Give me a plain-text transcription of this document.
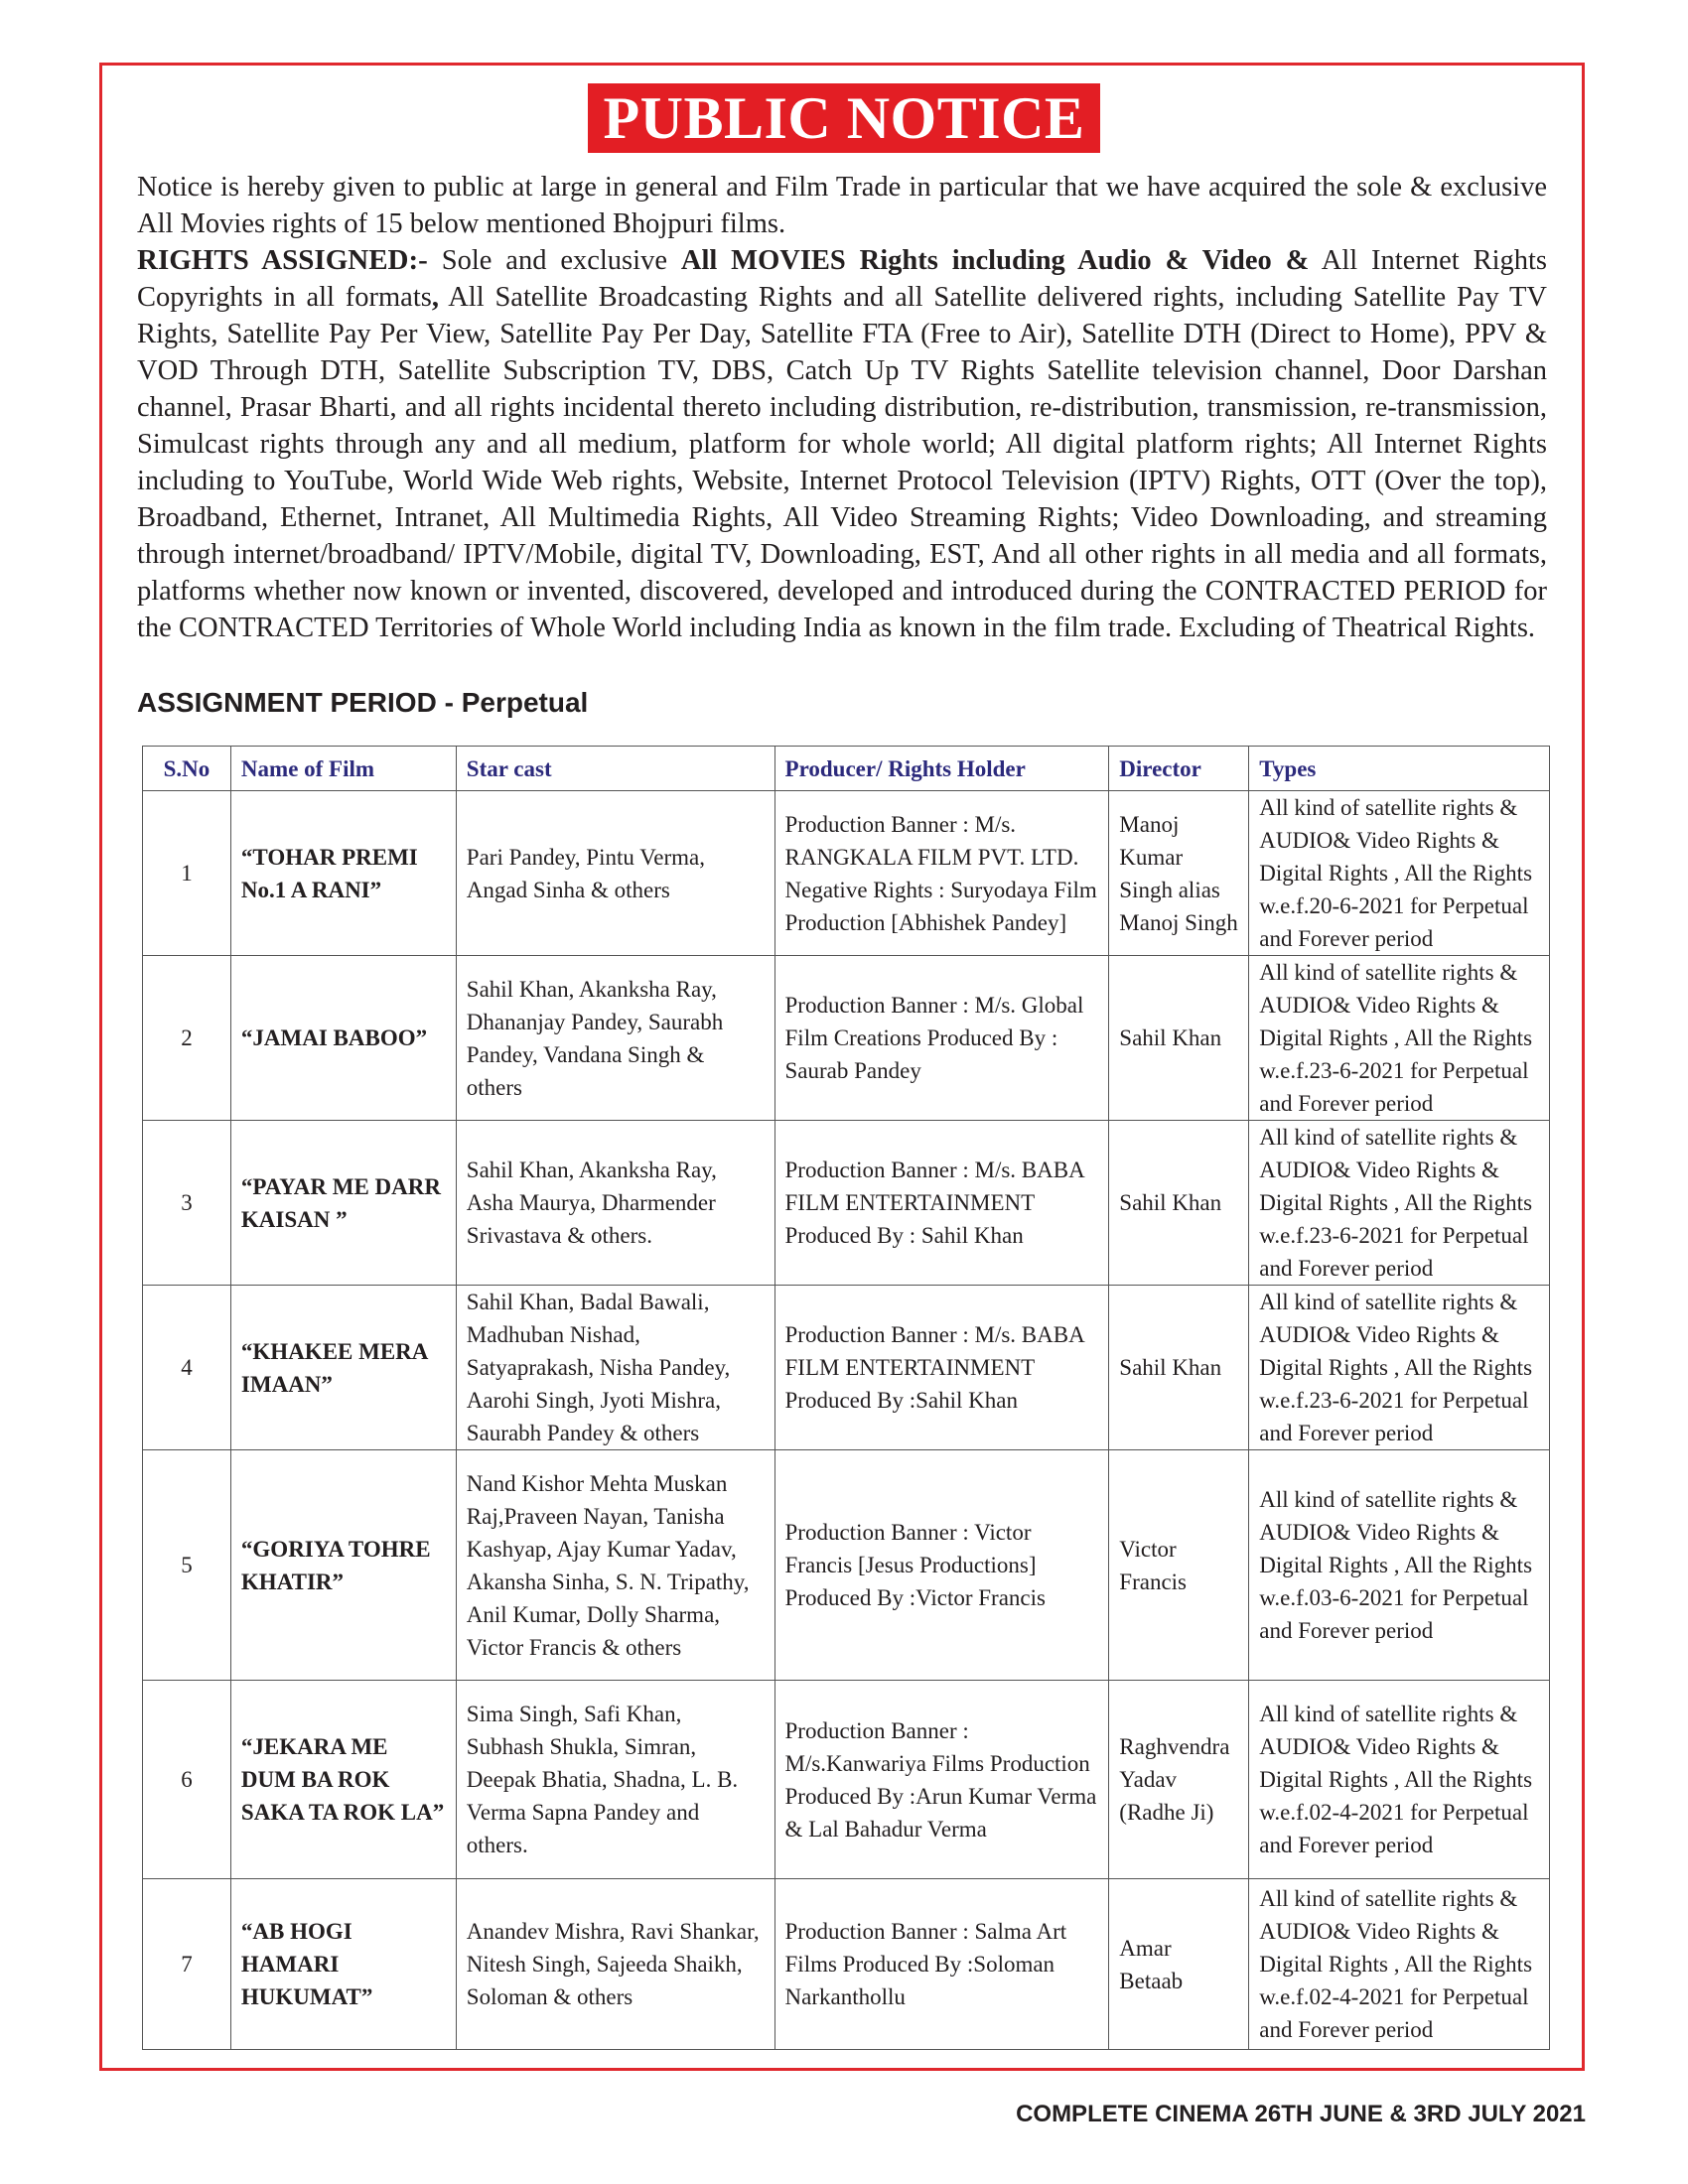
PUBLIC NOTICE

Notice is hereby given to public at large in general and Film Trade in particular that we have acquired the sole & exclusive All Movies rights of 15 below mentioned Bhojpuri films.

RIGHTS ASSIGNED:- Sole and exclusive All MOVIES Rights including Audio & Video & All Internet Rights Copyrights in all formats, All Satellite Broadcasting Rights and all Satellite delivered rights, including Satellite Pay TV Rights, Satellite Pay Per View, Satellite Pay Per Day, Satellite FTA (Free to Air), Satellite DTH (Direct to Home), PPV & VOD Through DTH, Satellite Subscription TV, DBS, Catch Up TV Rights Satellite television channel, Door Darshan channel, Prasar Bharti, and all rights incidental thereto including distribution, re-distribution, transmission, re-transmission, Simulcast rights through any and all medium, platform for whole world; All digital platform rights; All Internet Rights including to YouTube, World Wide Web rights, Website, Internet Protocol Television (IPTV) Rights, OTT (Over the top), Broadband, Ethernet, Intranet, All Multimedia Rights, All Video Streaming Rights; Video Downloading, and streaming through internet/broadband/ IPTV/Mobile, digital TV, Downloading, EST, And all other rights in all media and all formats, platforms whether now known or invented, discovered, developed and introduced during the CONTRACTED PERIOD for the CONTRACTED Territories of Whole World including India as known in the film trade. Excluding of Theatrical Rights.

ASSIGNMENT PERIOD - Perpetual
S.No	Name of Film	Star cast	Producer/ Rights Holder	Director	Types
1	“TOHAR PREMI No.1 A RANI”	Pari Pandey, Pintu Verma, Angad Sinha & others	Production Banner : M/s. RANGKALA FILM PVT. LTD. Negative Rights : Suryodaya Film Production [Abhishek Pandey]	Manoj Kumar Singh alias Manoj Singh	All kind of satellite rights & AUDIO& Video Rights & Digital Rights , All the Rights w.e.f.20-6-2021 for Perpetual and Forever period
2	“JAMAI BABOO”	Sahil Khan, Akanksha Ray, Dhananjay Pandey, Saurabh Pandey, Vandana Singh & others	Production Banner : M/s. Global Film Creations Produced By : Saurab Pandey	Sahil Khan	All kind of satellite rights & AUDIO& Video Rights & Digital Rights , All the Rights w.e.f.23-6-2021 for Perpetual and Forever period
3	“PAYAR ME DARR KAISAN ”	Sahil Khan, Akanksha Ray, Asha Maurya, Dharmender Srivastava & others.	Production Banner : M/s. BABA FILM ENTERTAINMENT Produced By : Sahil Khan	Sahil Khan	All kind of satellite rights & AUDIO& Video Rights & Digital Rights , All the Rights w.e.f.23-6-2021 for Perpetual and Forever period
4	“KHAKEE MERA IMAAN”	Sahil Khan, Badal Bawali, Madhuban Nishad, Satyaprakash, Nisha Pandey, Aarohi Singh, Jyoti Mishra, Saurabh Pandey & others	Production Banner : M/s. BABA FILM ENTERTAINMENT Produced By :Sahil Khan	Sahil Khan	All kind of satellite rights & AUDIO& Video Rights & Digital Rights , All the Rights w.e.f.23-6-2021 for Perpetual and Forever period
5	“GORIYA TOHRE KHATIR”	Nand Kishor Mehta Muskan Raj,Praveen Nayan, Tanisha Kashyap, Ajay Kumar Yadav, Akansha Sinha, S. N. Tripathy, Anil Kumar, Dolly Sharma, Victor Francis & others	Production Banner : Victor Francis [Jesus Productions] Produced By :Victor Francis	Victor Francis	All kind of satellite rights & AUDIO& Video Rights & Digital Rights , All the Rights w.e.f.03-6-2021 for Perpetual and Forever period
6	“JEKARA ME DUM BA ROK SAKA TA ROK LA”	Sima Singh, Safi Khan, Subhash Shukla, Simran, Deepak Bhatia, Shadna, L. B. Verma Sapna Pandey and others.	Production Banner : M/s.Kanwariya Films Production Produced By :Arun Kumar Verma & Lal Bahadur Verma	Raghvendra Yadav (Radhe Ji)	All kind of satellite rights & AUDIO& Video Rights & Digital Rights , All the Rights w.e.f.02-4-2021 for Perpetual and Forever period
7	“AB HOGI HAMARI HUKUMAT”	Anandev Mishra, Ravi Shankar, Nitesh Singh, Sajeeda Shaikh, Soloman & others	Production Banner : Salma Art Films Produced By :Soloman Narkanthollu	Amar Betaab	All kind of satellite rights & AUDIO& Video Rights & Digital Rights , All the Rights w.e.f.02-4-2021 for Perpetual and Forever period
COMPLETE CINEMA 26TH JUNE & 3RD JULY 2021
